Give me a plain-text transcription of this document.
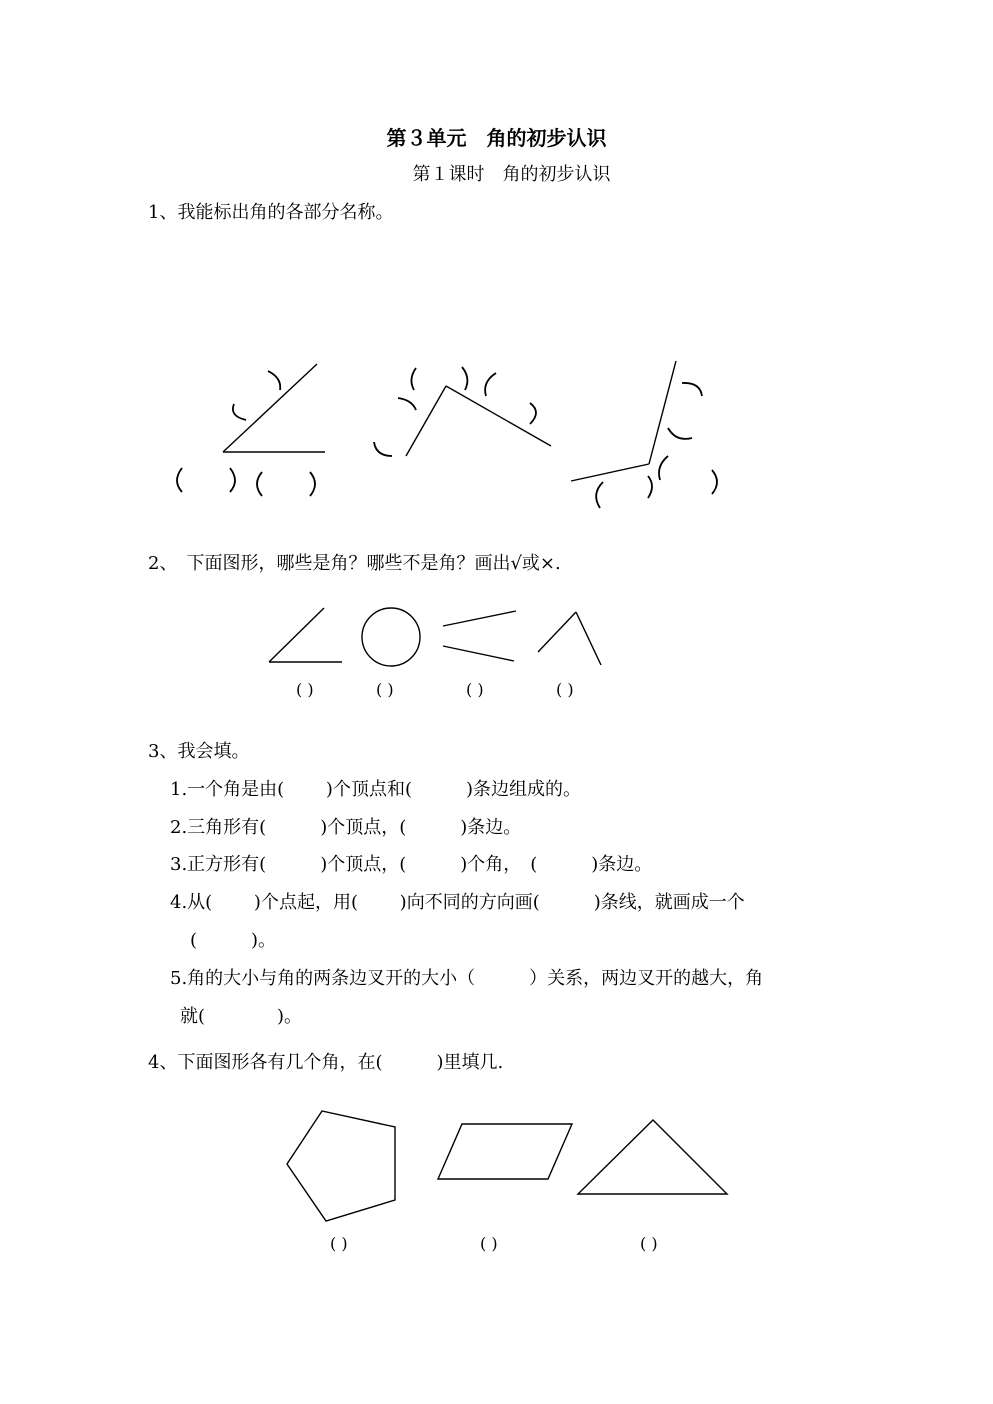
第３单元　角的初步认识
第１课时　角的初步认识
1、我能标出角的各部分名称。
2、　下面图形，哪些是角？哪些不是角？画出√或×.
( )	( )	( )	( )
3、我会填。
1.一个角是由(　　 )个顶点和(　　　)条边组成的。
2.三角形有(　　　)个顶点，(　　　)条边。
3.正方形有(　　　)个顶点，(　　　)个角，　(　　　)条边。
4.从(　　 )个点起，用(　　 )向不同的方向画(　　　)条线，就画成一个
(　　　)。
5.角的大小与角的两条边叉开的大小（　　　）关系，两边叉开的越大，角
就(　　　　)。
4、下面图形各有几个角，在(　　　)里填几.
( )	( )	( )
